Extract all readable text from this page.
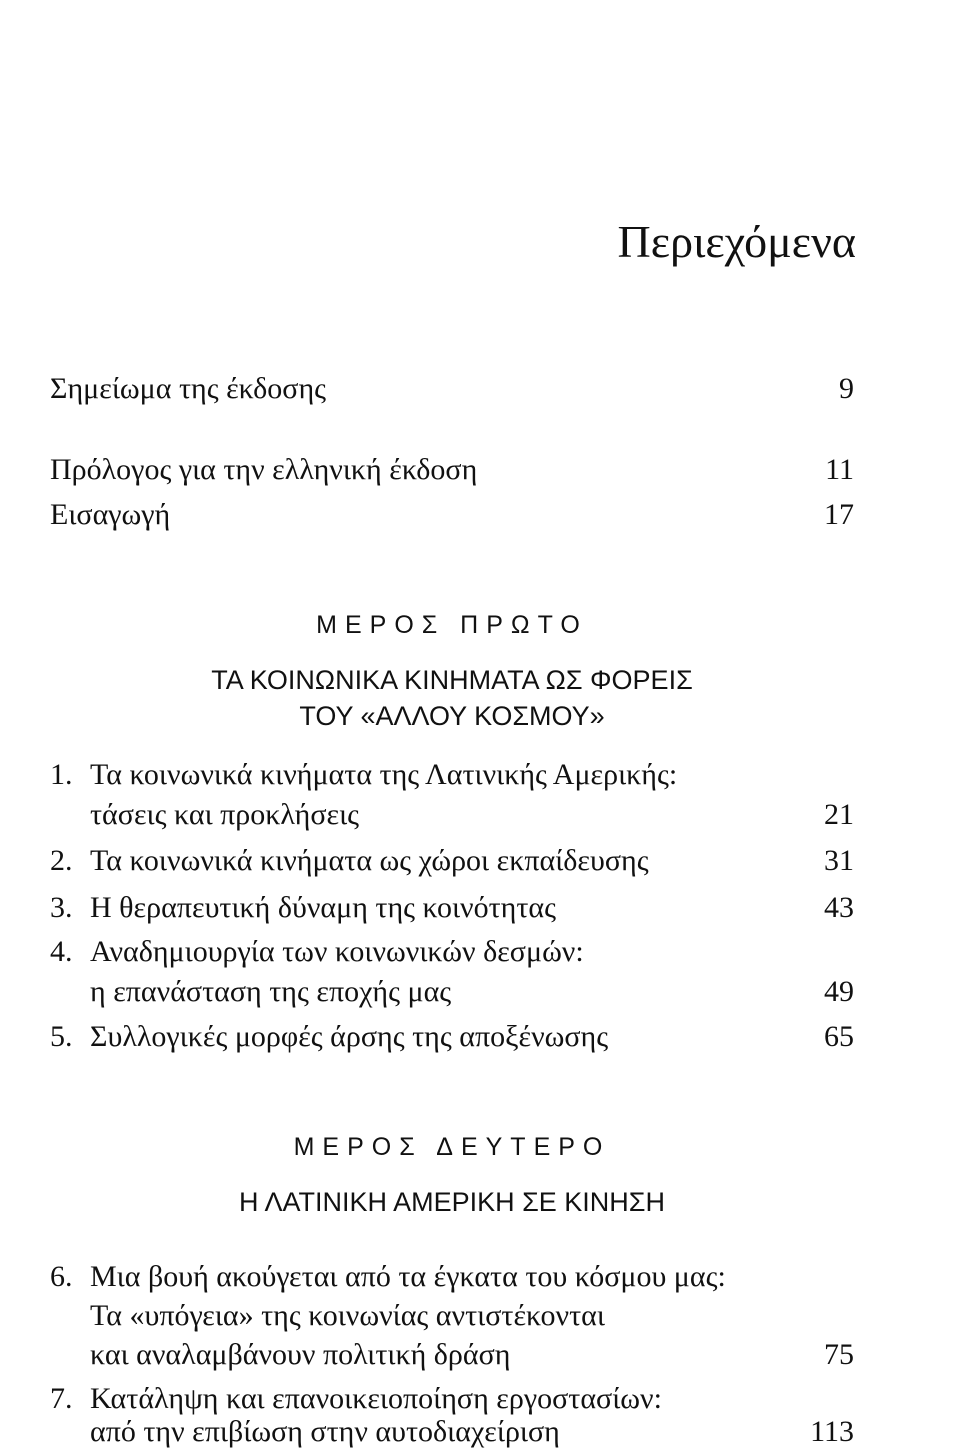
Περιεχόμενα
Σημείωμα της έκδοσης	9
Πρόλογος για την ελληνική έκδοση	11
Εισαγωγή	17
ΜΕΡΟΣ ΠΡΩΤΟ
ΤΑ ΚΟΙΝΩΝΙΚΑ ΚΙΝΗΜΑΤΑ ΩΣ ΦΟΡΕΙΣ
ΤΟΥ «ΑΛΛΟΥ ΚΟΣΜΟΥ»
1. Τα κοινωνικά κινήματα της Λατινικής Αμερικής:
τάσεις και προκλήσεις	21
2. Τα κοινωνικά κινήματα ως χώροι εκπαίδευσης	31
3. Η θεραπευτική δύναμη της κοινότητας	43
4. Αναδημιουργία των κοινωνικών δεσμών:
η επανάσταση της εποχής μας	49
5. Συλλογικές μορφές άρσης της αποξένωσης	65
ΜΕΡΟΣ ΔΕΥΤΕΡΟ
Η ΛΑΤΙΝΙΚΗ ΑΜΕΡΙΚΗ ΣΕ ΚΙΝΗΣΗ
6. Μια βουή ακούγεται από τα έγκατα του κόσμου μας:
Τα «υπόγεια» της κοινωνίας αντιστέκονται
και αναλαμβάνουν πολιτική δράση	75
7. Κατάληψη και επανοικειοποίηση εργοστασίων:
από την επιβίωση στην αυτοδιαχείριση	113
